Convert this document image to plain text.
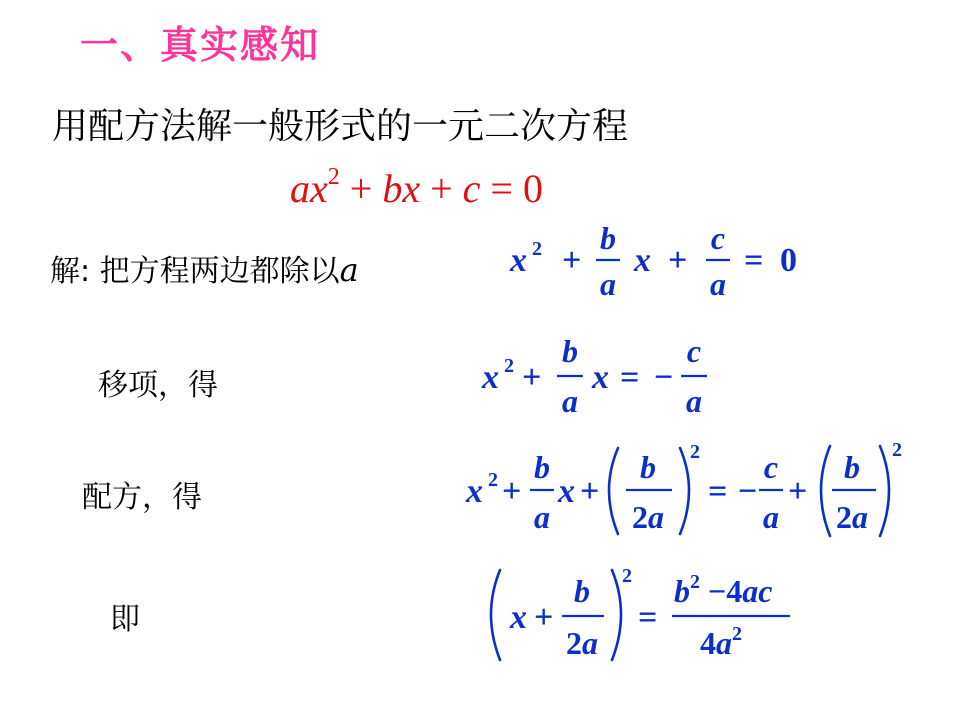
一、真实感知
用配方法解一般形式的一元二次方程
解: 把方程两边都除以a
移项，得
配方，得
即
$ax^2$ + bx + c = 0
x 2 +
b
a
x +
c
a
= 0
x 2 +
b
a
x = −
c
a
x 2 +
b
a
x +
b
2a
2
= −
c
a
+
b
2a
2
x +
b
2a
2
=
$b^2 -4ac$
$4a^2$
